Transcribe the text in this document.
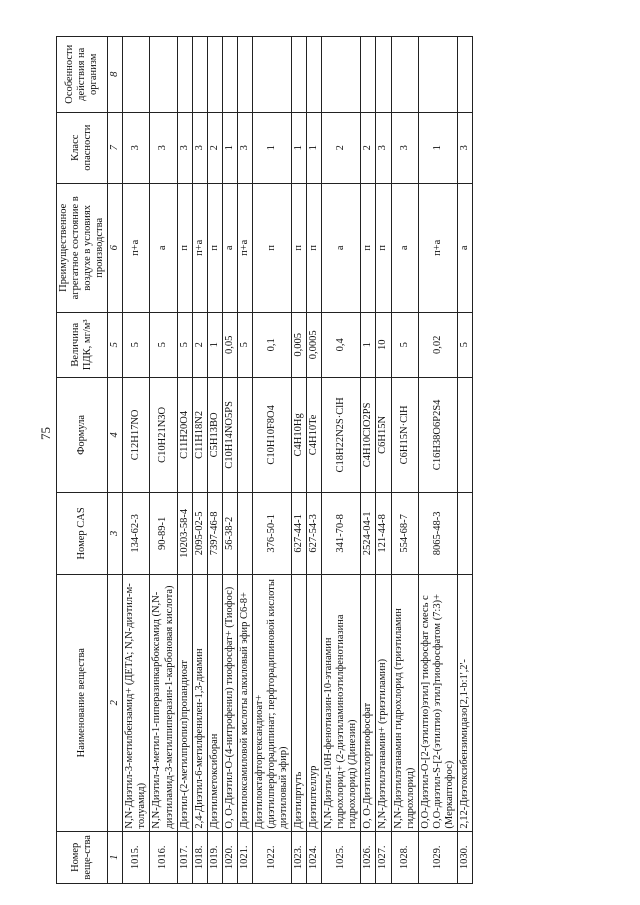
75
Номер веще-ства	Наименование вещества	Номер CAS	Формула	Величина ПДК, мг/м³	Преимущественное агрегатное состояние в воздухе в условиях производства	Класс опасности	Особенности действия на организм
1	2	3	4	5	6	7	8
1015.	N,N-Диэтил-3-метилбензамид+ (ДЕТА; N,N-диэтил-м-толуамид)	134-62-3	C12H17NO	5	п+а	3	
1016.	N,N-Диэтил-4-метил-1-пиперазинкарбоксамид (N,N-диэтиламид-3-метилпиперазин-1-карбоновая кислота)	90-89-1	C10H21N3O	5	а	3	
1017.	Диэтил-(2-метилпропил)пропандиоат	10203-58-4	C11H20O4	5	п	3	
1018.	2,4-Диэтил-6-метилфенилен-1,3-диамин	2095-02-5	C11H18N2	2	п+а	3	
1019.	Диэтилметоксиборан	7397-46-8	C5H13BO	1	п	2	
1020.	О, О-Диэтил-О-(4-нитрофенил) тиофосфат+ (Тиофос)	56-38-2	C10H14NO5PS	0,05	а	1	
1021.	Диэтилоксамиловой кислоты алкиловый эфир С6-8+			5	п+а	3	
1022.	Диэтилоктафторгександиоат+ (диэтилперфторадипинат; перфторадипиновой кислоты диэтиловый эфир)	376-50-1	C10H10F8O4	0,1	п	1	
1023.	Диэтилртуть	627-44-1	C4H10Hg	0,005	п	1	
1024.	Диэтилтеллур	627-54-3	C4H10Te	0,0005	п	1	
1025.	N,N-Диэтил-10Н-фенотиазин-10-этанамин гидрохлорид+ (2-диэтиламиноэтилфенотиазина гидрохлорид) (Динезин)	341-70-8	C18H22N2S·ClH	0,4	а	2	
1026.	О, О-Диэтилхлортиофосфат	2524-04-1	C4H10ClO2PS	1	п	2	
1027.	N,N-Диэтилэтанамин+ (триэтиламин)	121-44-8	C6H15N	10	п	3	
1028.	N,N-Диэтилэтанамин гидрохлорид (триэтиламин гидрохлорид)	554-68-7	C6H15N·ClH	5	а	3	
1029.	О,О-Диэтил-О-[2-(этилтио)этил] тиофосфат смесь с О,О-диэтил-S-[2-(этилтио) этил]тиофосфатом (7:3)+ (Меркаптофос)	8065-48-3	C16H38O6P2S4	0,02	п+а	1	
1030.	2,12-Диэтоксибензимидазо[2,1-b:1',2'-			5	а	3	
